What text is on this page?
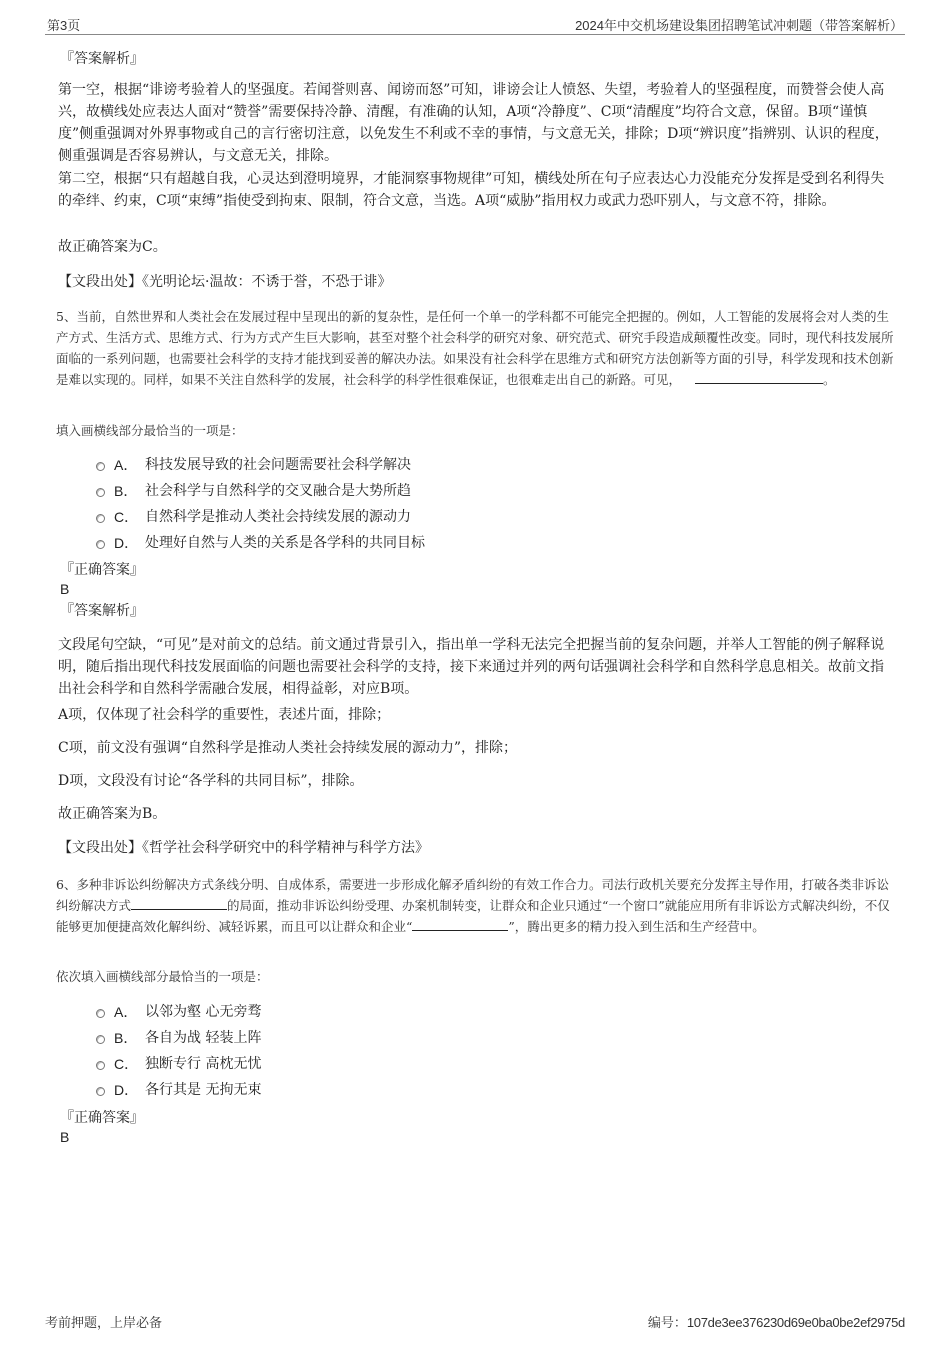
第3页	2024年中交机场建设集团招聘笔试冲刺题（带答案解析）
『答案解析』

第一空，根据“诽谤考验着人的坚强度。若闻誉则喜、闻谤而怒”可知，诽谤会让人愤怒、失望，考验着人的坚强程度，而赞誉会使人高兴，故横线处应表达人面对“赞誉”需要保持冷静、清醒，有准确的认知，A项“冷静度”、C项“清醒度”均符合文意，保留。B项“谨慎度”侧重强调对外界事物或自己的言行密切注意，以免发生不利或不幸的事情，与文意无关，排除；D项“辨识度”指辨别、认识的程度，侧重强调是否容易辨认，与文意无关，排除。

第二空，根据“只有超越自我，心灵达到澄明境界，才能洞察事物规律”可知，横线处所在句子应表达心力没能充分发挥是受到名利得失的牵绊、约束，C项“束缚”指使受到拘束、限制，符合文意，当选。A项“威胁”指用权力或武力恐吓别人，与文意不符，排除。

故正确答案为C。

【文段出处】《光明论坛·温故：不诱于誉，不恐于诽》

5、当前，自然世界和人类社会在发展过程中呈现出的新的复杂性，是任何一个单一的学科都不可能完全把握的。例如，人工智能的发展将会对人类的生产方式、生活方式、思维方式、行为方式产生巨大影响，甚至对整个社会科学的研究对象、研究范式、研究手段造成颠覆性改变。同时，现代科技发展所面临的一系列问题，也需要社会科学的支持才能找到妥善的解决办法。如果没有社会科学在思维方式和研究方法创新等方面的引导，科学发现和技术创新是难以实现的。同样，如果不关注自然科学的发展，社会科学的科学性很难保证，也很难走出自己的新路。可见，	。

填入画横线部分最恰当的一项是：

A． 科技发展导致的社会问题需要社会科学解决
B． 社会科学与自然科学的交叉融合是大势所趋
C． 自然科学是推动人类社会持续发展的源动力
D． 处理好自然与人类的关系是各学科的共同目标
『正确答案』
B
『答案解析』

文段尾句空缺，“可见”是对前文的总结。前文通过背景引入，指出单一学科无法完全把握当前的复杂问题，并举人工智能的例子解释说明，随后指出现代科技发展面临的问题也需要社会科学的支持，接下来通过并列的两句话强调社会科学和自然科学息息相关。故前文指出社会科学和自然科学需融合发展，相得益彰，对应B项。

A项，仅体现了社会科学的重要性，表述片面，排除；

C项，前文没有强调“自然科学是推动人类社会持续发展的源动力”，排除；

D项，文段没有讨论“各学科的共同目标”，排除。

故正确答案为B。

【文段出处】《哲学社会科学研究中的科学精神与科学方法》

6、多种非诉讼纠纷解决方式条线分明、自成体系，需要进一步形成化解矛盾纠纷的有效工作合力。司法行政机关要充分发挥主导作用，打破各类非诉讼纠纷解决方式	的局面，推动非诉讼纠纷受理、办案机制转变，让群众和企业只通过“一个窗口”就能应用所有非诉讼方式解决纠纷，不仅能够更加便捷高效化解纠纷、减轻诉累，而且可以让群众和企业“	”，腾出更多的精力投入到生活和生产经营中。

依次填入画横线部分最恰当的一项是：

A． 以邻为壑 心无旁骛
B． 各自为战 轻装上阵
C． 独断专行 高枕无忧
D． 各行其是 无拘无束
『正确答案』
B
考前押题，上岸必备	编号：107de3ee376230d69e0ba0be2ef2975d
